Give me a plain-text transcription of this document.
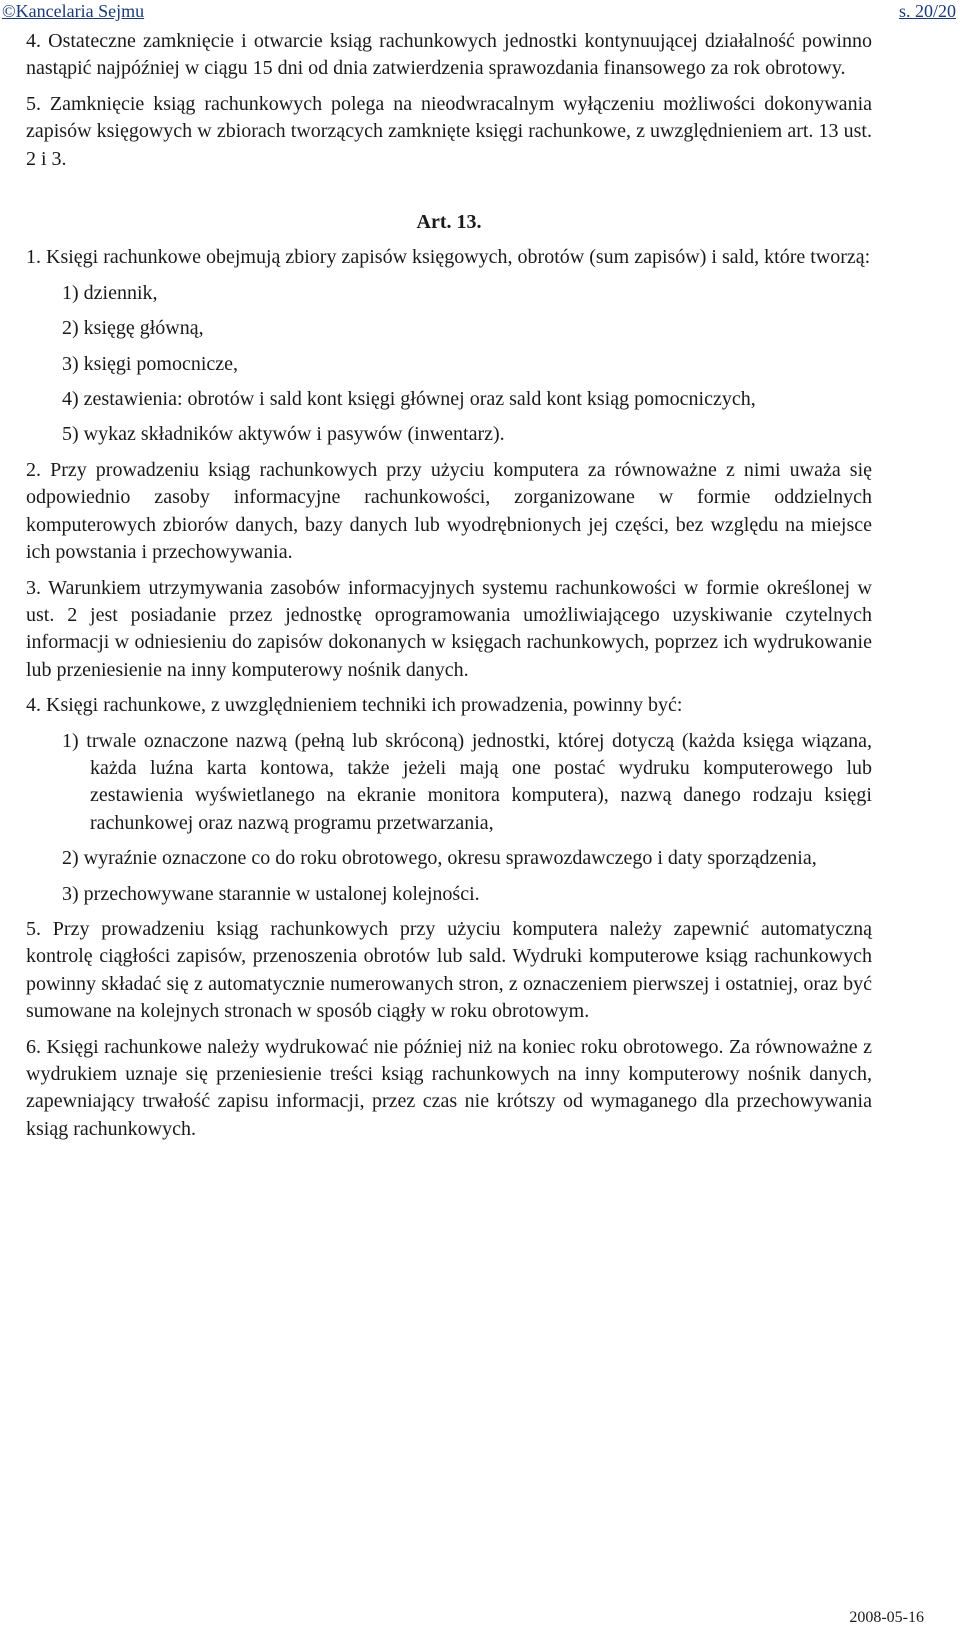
©Kancelaria Sejmu	s. 20/20

4. Ostateczne zamknięcie i otwarcie ksiąg rachunkowych jednostki kontynuującej działalność powinno nastąpić najpóźniej w ciągu 15 dni od dnia zatwierdzenia sprawozdania finansowego za rok obrotowy.

5. Zamknięcie ksiąg rachunkowych polega na nieodwracalnym wyłączeniu możliwości dokonywania zapisów księgowych w zbiorach tworzących zamknięte księgi rachunkowe, z uwzględnieniem art. 13 ust. 2 i 3.

Art. 13.

1. Księgi rachunkowe obejmują zbiory zapisów księgowych, obrotów (sum zapisów) i sald, które tworzą:

1) dziennik,
2) księgę główną,
3) księgi pomocnicze,
4) zestawienia: obrotów i sald kont księgi głównej oraz sald kont ksiąg pomocniczych,
5) wykaz składników aktywów i pasywów (inwentarz).

2. Przy prowadzeniu ksiąg rachunkowych przy użyciu komputera za równoważne z nimi uważa się odpowiednio zasoby informacyjne rachunkowości, zorganizowane w formie oddzielnych komputerowych zbiorów danych, bazy danych lub wyodrębnionych jej części, bez względu na miejsce ich powstania i przechowywania.

3. Warunkiem utrzymywania zasobów informacyjnych systemu rachunkowości w formie określonej w ust. 2 jest posiadanie przez jednostkę oprogramowania umożliwiającego uzyskiwanie czytelnych informacji w odniesieniu do zapisów dokonanych w księgach rachunkowych, poprzez ich wydrukowanie lub przeniesienie na inny komputerowy nośnik danych.

4. Księgi rachunkowe, z uwzględnieniem techniki ich prowadzenia, powinny być:

1) trwale oznaczone nazwą (pełną lub skróconą) jednostki, której dotyczą (każda księga wiązana, każda luźna karta kontowa, także jeżeli mają one postać wydruku komputerowego lub zestawienia wyświetlanego na ekranie monitora komputera), nazwą danego rodzaju księgi rachunkowej oraz nazwą programu przetwarzania,
2) wyraźnie oznaczone co do roku obrotowego, okresu sprawozdawczego i daty sporządzenia,
3) przechowywane starannie w ustalonej kolejności.

5. Przy prowadzeniu ksiąg rachunkowych przy użyciu komputera należy zapewnić automatyczną kontrolę ciągłości zapisów, przenoszenia obrotów lub sald. Wydruki komputerowe ksiąg rachunkowych powinny składać się z automatycznie numerowanych stron, z oznaczeniem pierwszej i ostatniej, oraz być sumowane na kolejnych stronach w sposób ciągły w roku obrotowym.

6. Księgi rachunkowe należy wydrukować nie później niż na koniec roku obrotowego. Za równoważne z wydrukiem uznaje się przeniesienie treści ksiąg rachunkowych na inny komputerowy nośnik danych, zapewniający trwałość zapisu informacji, przez czas nie krótszy od wymaganego dla przechowywania ksiąg rachunkowych.

2008-05-16
